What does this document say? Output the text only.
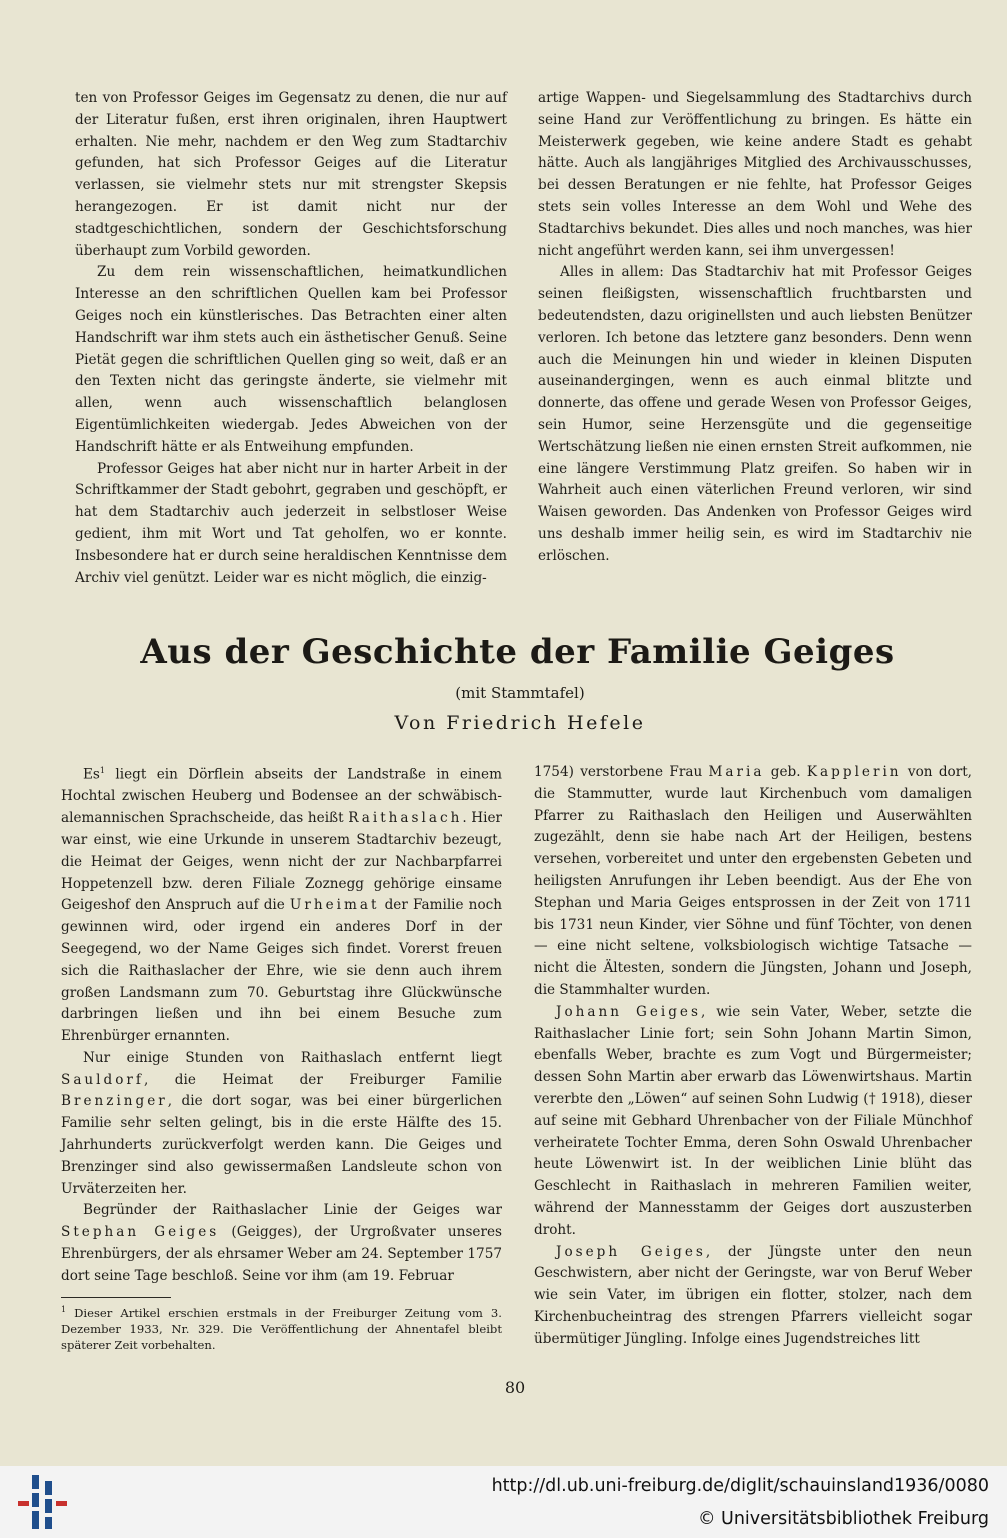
ten von Professor Geiges im Gegensatz zu denen, die nur auf der Literatur fußen, erst ihren originalen, ihren Hauptwert erhalten. Nie mehr, nachdem er den Weg zum Stadtarchiv gefunden, hat sich Professor Geiges auf die Literatur verlassen, sie vielmehr stets nur mit strengster Skepsis herangezogen. Er ist damit nicht nur der stadtgeschichtlichen, sondern der Geschichtsforschung überhaupt zum Vorbild geworden.

Zu dem rein wissenschaftlichen, heimatkundlichen Interesse an den schriftlichen Quellen kam bei Professor Geiges noch ein künstlerisches. Das Betrachten einer alten Handschrift war ihm stets auch ein ästhetischer Genuß. Seine Pietät gegen die schriftlichen Quellen ging so weit, daß er an den Texten nicht das geringste änderte, sie vielmehr mit allen, wenn auch wissenschaftlich belanglosen Eigentümlichkeiten wiedergab. Jedes Abweichen von der Handschrift hätte er als Entweihung empfunden.

Professor Geiges hat aber nicht nur in harter Arbeit in der Schriftkammer der Stadt gebohrt, gegraben und geschöpft, er hat dem Stadtarchiv auch jederzeit in selbstloser Weise gedient, ihm mit Wort und Tat geholfen, wo er konnte. Insbesondere hat er durch seine heraldischen Kenntnisse dem Archiv viel genützt. Leider war es nicht möglich, die einzig-

artige Wappen- und Siegelsammlung des Stadtarchivs durch seine Hand zur Veröffentlichung zu bringen. Es hätte ein Meisterwerk gegeben, wie keine andere Stadt es gehabt hätte. Auch als langjähriges Mitglied des Archivausschusses, bei dessen Beratungen er nie fehlte, hat Professor Geiges stets sein volles Interesse an dem Wohl und Wehe des Stadtarchivs bekundet. Dies alles und noch manches, was hier nicht angeführt werden kann, sei ihm unvergessen!

Alles in allem: Das Stadtarchiv hat mit Professor Geiges seinen fleißigsten, wissenschaftlich fruchtbarsten und bedeutendsten, dazu originellsten und auch liebsten Benützer verloren. Ich betone das letztere ganz besonders. Denn wenn auch die Meinungen hin und wieder in kleinen Disputen auseinandergingen, wenn es auch einmal blitzte und donnerte, das offene und gerade Wesen von Professor Geiges, sein Humor, seine Herzensgüte und die gegenseitige Wertschätzung ließen nie einen ernsten Streit aufkommen, nie eine längere Verstimmung Platz greifen. So haben wir in Wahrheit auch einen väterlichen Freund verloren, wir sind Waisen geworden. Das Andenken von Professor Geiges wird uns deshalb immer heilig sein, es wird im Stadtarchiv nie erlöschen.

Aus der Geschichte der Familie Geiges
(mit Stammtafel)
Von Friedrich Hefele

Es$^1$ liegt ein Dörflein abseits der Landstraße in einem Hochtal zwischen Heuberg und Bodensee an der schwäbisch-alemannischen Sprachscheide, das heißt Raithaslach. Hier war einst, wie eine Urkunde in unserem Stadtarchiv bezeugt, die Heimat der Geiges, wenn nicht der zur Nachbarpfarrei Hoppetenzell bzw. deren Filiale Zoznegg gehörige einsame Geigeshof den Anspruch auf die Urheimat der Familie noch gewinnen wird, oder irgend ein anderes Dorf in der Seegegend, wo der Name Geiges sich findet. Vorerst freuen sich die Raithaslacher der Ehre, wie sie denn auch ihrem großen Landsmann zum 70. Geburtstag ihre Glückwünsche darbringen ließen und ihn bei einem Besuche zum Ehrenbürger ernannten.

Nur einige Stunden von Raithaslach entfernt liegt Sauldorf, die Heimat der Freiburger Familie Brenzinger, die dort sogar, was bei einer bürgerlichen Familie sehr selten gelingt, bis in die erste Hälfte des 15. Jahrhunderts zurückverfolgt werden kann. Die Geiges und Brenzinger sind also gewissermaßen Landsleute schon von Urväterzeiten her.

Begründer der Raithaslacher Linie der Geiges war Stephan Geiges (Geigges), der Urgroßvater unseres Ehrenbürgers, der als ehrsamer Weber am 24. September 1757 dort seine Tage beschloß. Seine vor ihm (am 19. Februar

$^1$ Dieser Artikel erschien erstmals in der Freiburger Zeitung vom 3. Dezember 1933, Nr. 329. Die Veröffentlichung der Ahnentafel bleibt späterer Zeit vorbehalten.

1754) verstorbene Frau Maria geb. Kapplerin von dort, die Stammutter, wurde laut Kirchenbuch vom damaligen Pfarrer zu Raithaslach den Heiligen und Auserwählten zugezählt, denn sie habe nach Art der Heiligen, bestens versehen, vorbereitet und unter den ergebensten Gebeten und heiligsten Anrufungen ihr Leben beendigt. Aus der Ehe von Stephan und Maria Geiges entsprossen in der Zeit von 1711 bis 1731 neun Kinder, vier Söhne und fünf Töchter, von denen — eine nicht seltene, volksbiologisch wichtige Tatsache — nicht die Ältesten, sondern die Jüngsten, Johann und Joseph, die Stammhalter wurden.

Johann Geiges, wie sein Vater, Weber, setzte die Raithaslacher Linie fort; sein Sohn Johann Martin Simon, ebenfalls Weber, brachte es zum Vogt und Bürgermeister; dessen Sohn Martin aber erwarb das Löwenwirtshaus. Martin vererbte den „Löwen“ auf seinen Sohn Ludwig († 1918), dieser auf seine mit Gebhard Uhrenbacher von der Filiale Münchhof verheiratete Tochter Emma, deren Sohn Oswald Uhrenbacher heute Löwenwirt ist. In der weiblichen Linie blüht das Geschlecht in Raithaslach in mehreren Familien weiter, während der Mannesstamm der Geiges dort auszusterben droht.

Joseph Geiges, der Jüngste unter den neun Geschwistern, aber nicht der Geringste, war von Beruf Weber wie sein Vater, im übrigen ein flotter, stolzer, nach dem Kirchenbucheintrag des strengen Pfarrers vielleicht sogar übermütiger Jüngling. Infolge eines Jugendstreiches litt

80
http://dl.ub.uni-freiburg.de/diglit/schauinsland1936/0080
© Universitätsbibliothek Freiburg
